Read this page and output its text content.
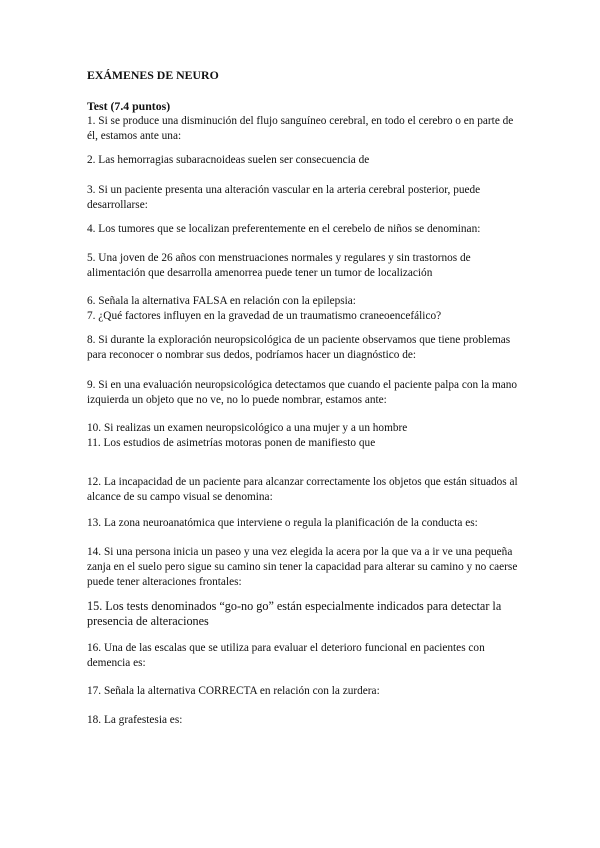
EXÁMENES DE NEURO
Test (7.4 puntos)

1. Si se produce una disminución del flujo sanguíneo cerebral, en todo el cerebro o en parte de él, estamos ante una:

2. Las hemorragias subaracnoideas suelen ser consecuencia de

3. Si un paciente presenta una alteración vascular en la arteria cerebral posterior, puede desarrollarse:

4. Los tumores que se localizan preferentemente en el cerebelo de niños se denominan:

5. Una joven de 26 años con menstruaciones normales y regulares y sin trastornos de alimentación que desarrolla amenorrea puede tener un tumor de localización

6. Señala la alternativa FALSA en relación con la epilepsia:

7. ¿Qué factores influyen en la gravedad de un traumatismo craneoencefálico?

8. Si durante la exploración neuropsicológica de un paciente observamos que tiene problemas para reconocer o nombrar sus dedos, podríamos hacer un diagnóstico de:

9. Si en una evaluación neuropsicológica detectamos que cuando el paciente palpa con la mano izquierda un objeto que no ve, no lo puede nombrar, estamos ante:

10. Si realizas un examen neuropsicológico a una mujer y a un hombre

11. Los estudios de asimetrías motoras ponen de manifiesto que

12. La incapacidad de un paciente para alcanzar correctamente los objetos que están situados al alcance de su campo visual se denomina:

13. La zona neuroanatómica que interviene o regula la planificación de la conducta es:

14. Si una persona inicia un paseo y una vez elegida la acera por la que va a ir ve una pequeña zanja en el suelo pero sigue su camino sin tener la capacidad para alterar su camino y no caerse puede tener alteraciones frontales:

15. Los tests denominados “go-no go” están especialmente indicados para detectar la presencia de alteraciones

16. Una de las escalas que se utiliza para evaluar el deterioro funcional en pacientes con demencia es:

17. Señala la alternativa CORRECTA en relación con la zurdera:

18. La grafestesia es:
